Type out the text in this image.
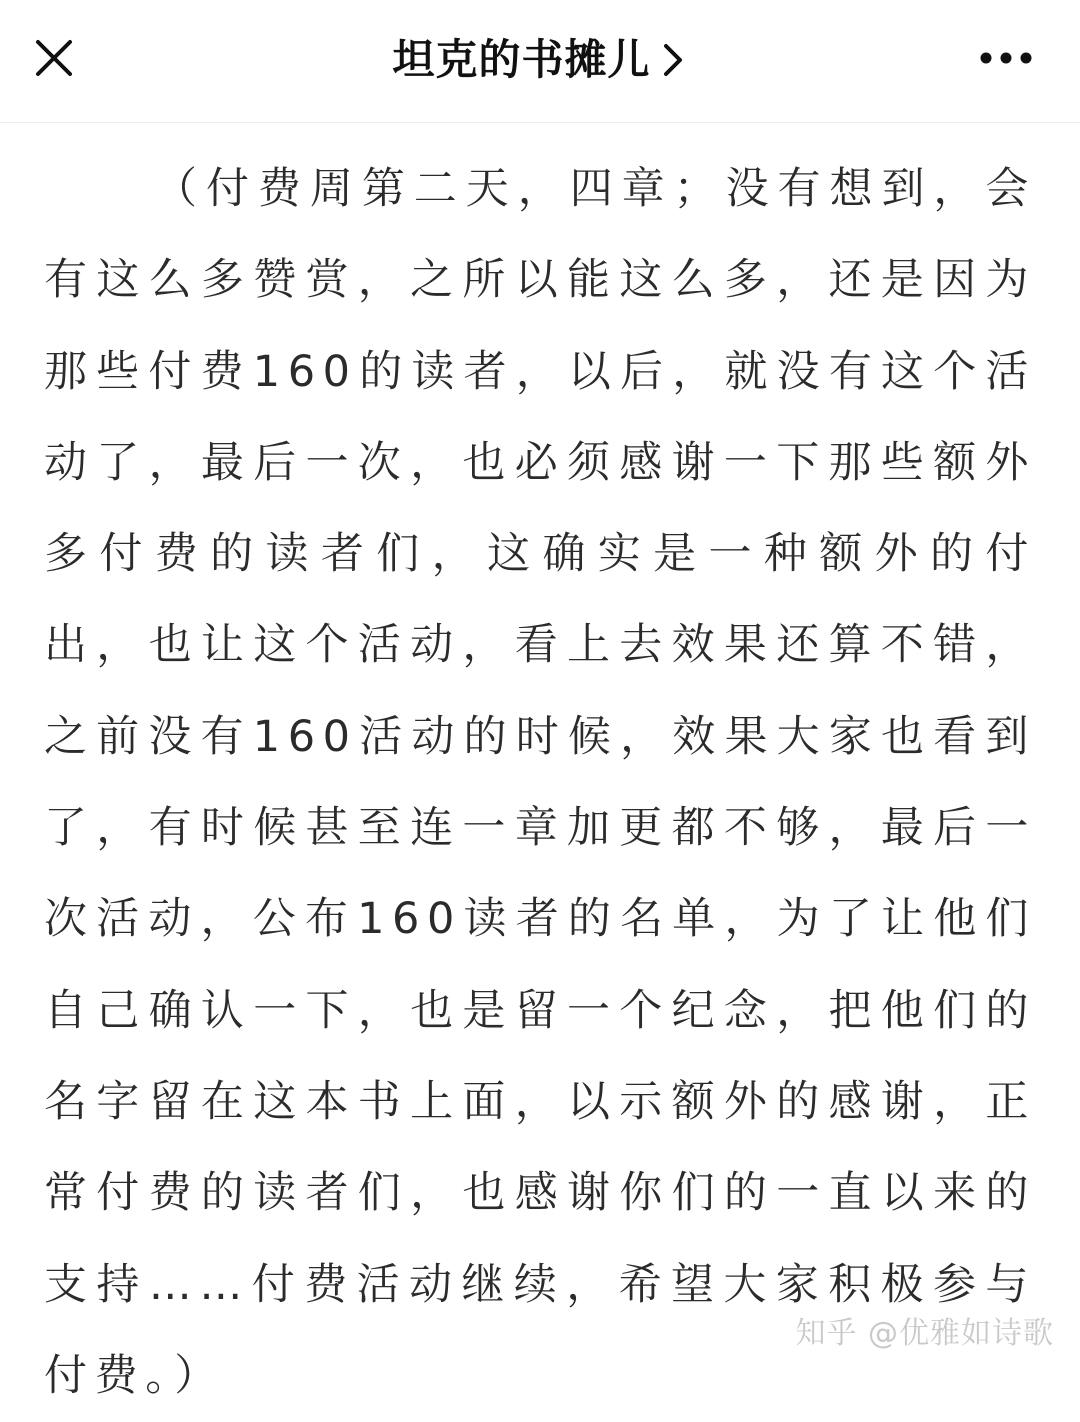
坦克的书摊儿

（付费周第二天，四章；没有想到，会有这么多赞赏，之所以能这么多，还是因为那些付费160的读者，以后，就没有这个活动了，最后一次，也必须感谢一下那些额外多付费的读者们，这确实是一种额外的付出，也让这个活动，看上去效果还算不错，之前没有160活动的时候，效果大家也看到了，有时候甚至连一章加更都不够，最后一次活动，公布160读者的名单，为了让他们自己确认一下，也是留一个纪念，把他们的名字留在这本书上面，以示额外的感谢，正常付费的读者们，也感谢你们的一直以来的支持……付费活动继续，希望大家积极参与付费。）

知乎 @优雅如诗歌
